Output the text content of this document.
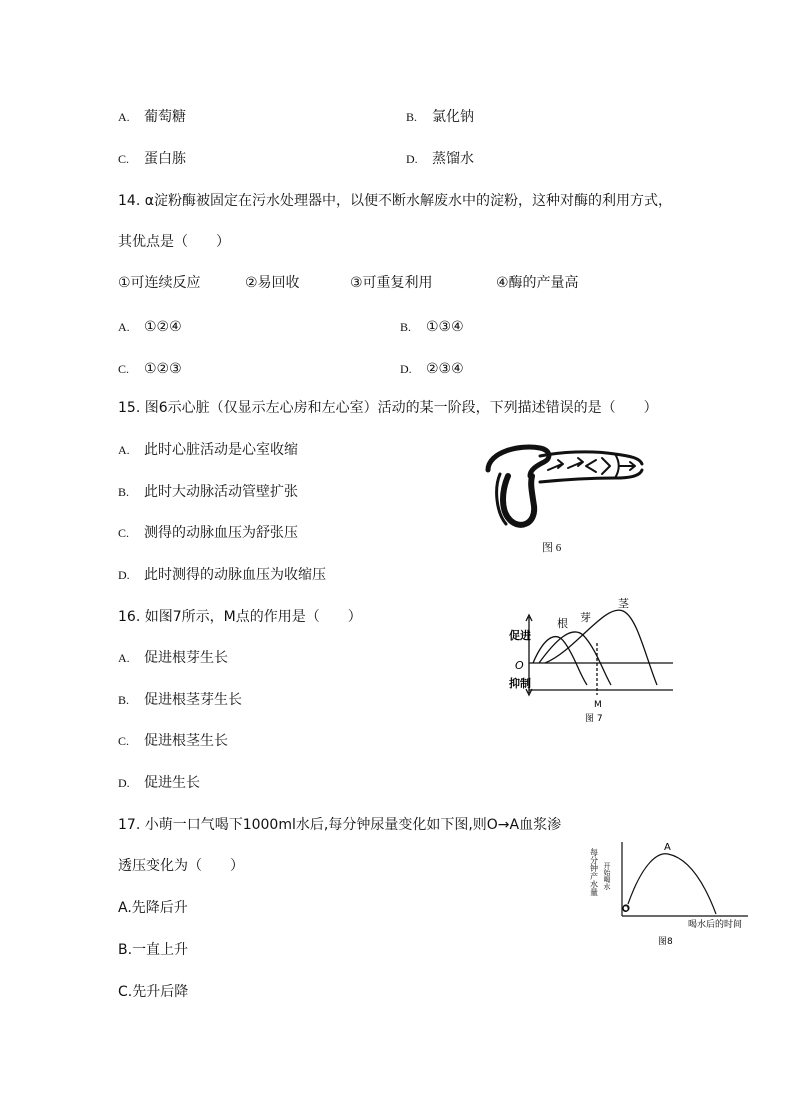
A. 葡萄糖	B. 氯化钠
C. 蛋白胨	D. 蒸馏水
14. α淀粉酶被固定在污水处理器中，以便不断水解废水中的淀粉，这种对酶的利用方式，
其优点是（　　）
①可连续反应	②易回收	③可重复利用	④酶的产量高
A. ①②④	B. ①③④
C. ①②③	D. ②③④
15. 图6示心脏（仅显示左心房和左心室）活动的某一阶段，下列描述错误的是（　　）
A. 此时心脏活动是心室收缩
B. 此时大动脉活动管壁扩张
C. 测得的动脉血压为舒张压
D. 此时测得的动脉血压为收缩压
图 6
16. 如图7所示，M点的作用是（　　）
A. 促进根芽生长
B. 促进根茎芽生长
C. 促进根茎生长
D. 促进生长
促进
O
抑制
根 芽
茎
M
图 7
17. 小萌一口气喝下1000ml水后,每分钟尿量变化如下图,则O→A血浆渗
透压变化为（　　）
A.先降后升
B.一直上升
C.先升后降
每分钟产水量 开始喝水
A
O
喝水后的时间
图8
